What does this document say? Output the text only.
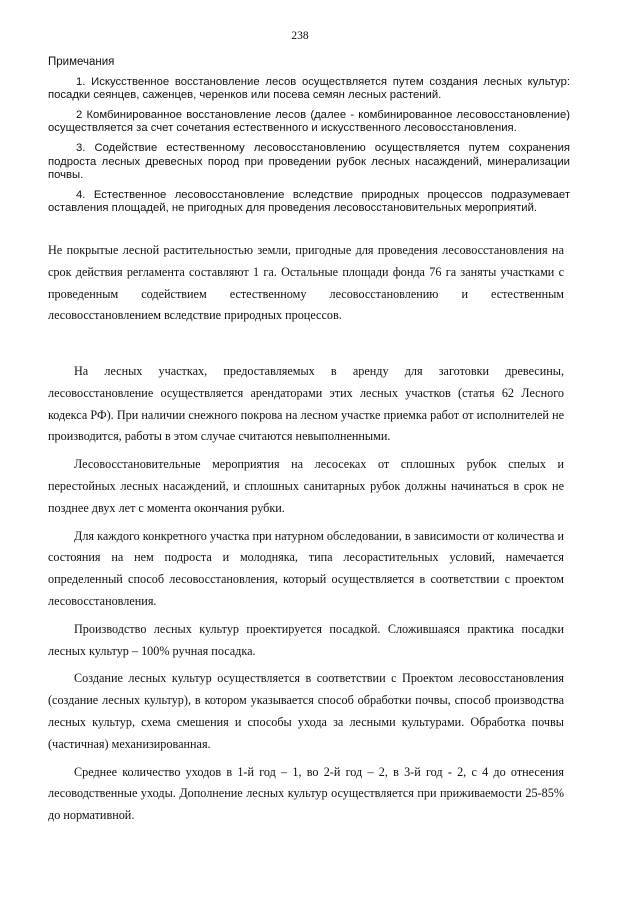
238
Примечания

1. Искусственное восстановление лесов осуществляется путем создания лесных культур: посадки сеянцев, саженцев, черенков или посева семян лесных растений.

2 Комбинированное восстановление лесов (далее - комбинированное лесовосстановление) осуществляется за счет сочетания естественного и искусственного лесовосстановления.

3. Содействие естественному лесовосстановлению осуществляется путем сохранения подроста лесных древесных пород при проведении рубок лесных насаждений, минерализации почвы.

4. Естественное лесовосстановление вследствие природных процессов подразумевает оставления площадей, не пригодных для проведения лесовосстановительных мероприятий.

Не покрытые лесной растительностью земли, пригодные для проведения лесовосстановления на срок действия регламента составляют 1 га. Остальные площади фонда 76 га заняты участками с проведенным содействием естественному лесовосстановлению и естественным лесовосстановлением вследствие природных процессов.

На лесных участках, предоставляемых в аренду для заготовки древесины, лесовосстановление осуществляется арендаторами этих лесных участков (статья 62 Лесного кодекса РФ). При наличии снежного покрова на лесном участке приемка работ от исполнителей не производится, работы в этом случае считаются невыполненными.

Лесовосстановительные мероприятия на лесосеках от сплошных рубок спелых и перестойных лесных насаждений, и сплошных санитарных рубок должны начинаться в срок не позднее двух лет с момента окончания рубки.

Для каждого конкретного участка при натурном обследовании, в зависимости от количества и состояния на нем подроста и молодняка, типа лесорастительных условий, намечается определенный способ лесовосстановления, который осуществляется в соответствии с проектом лесовосстановления.

Производство лесных культур проектируется посадкой. Сложившаяся практика посадки лесных культур – 100% ручная посадка.

Создание лесных культур осуществляется в соответствии с Проектом лесовосстановления (создание лесных культур), в котором указывается способ обработки почвы, способ производства лесных культур, схема смешения и способы ухода за лесными культурами. Обработка почвы (частичная) механизированная.

Среднее количество уходов в 1-й год – 1, во 2-й год – 2, в 3-й год - 2, с 4 до отнесения лесоводственные уходы. Дополнение лесных культур осуществляется при приживаемости 25-85% до нормативной.
